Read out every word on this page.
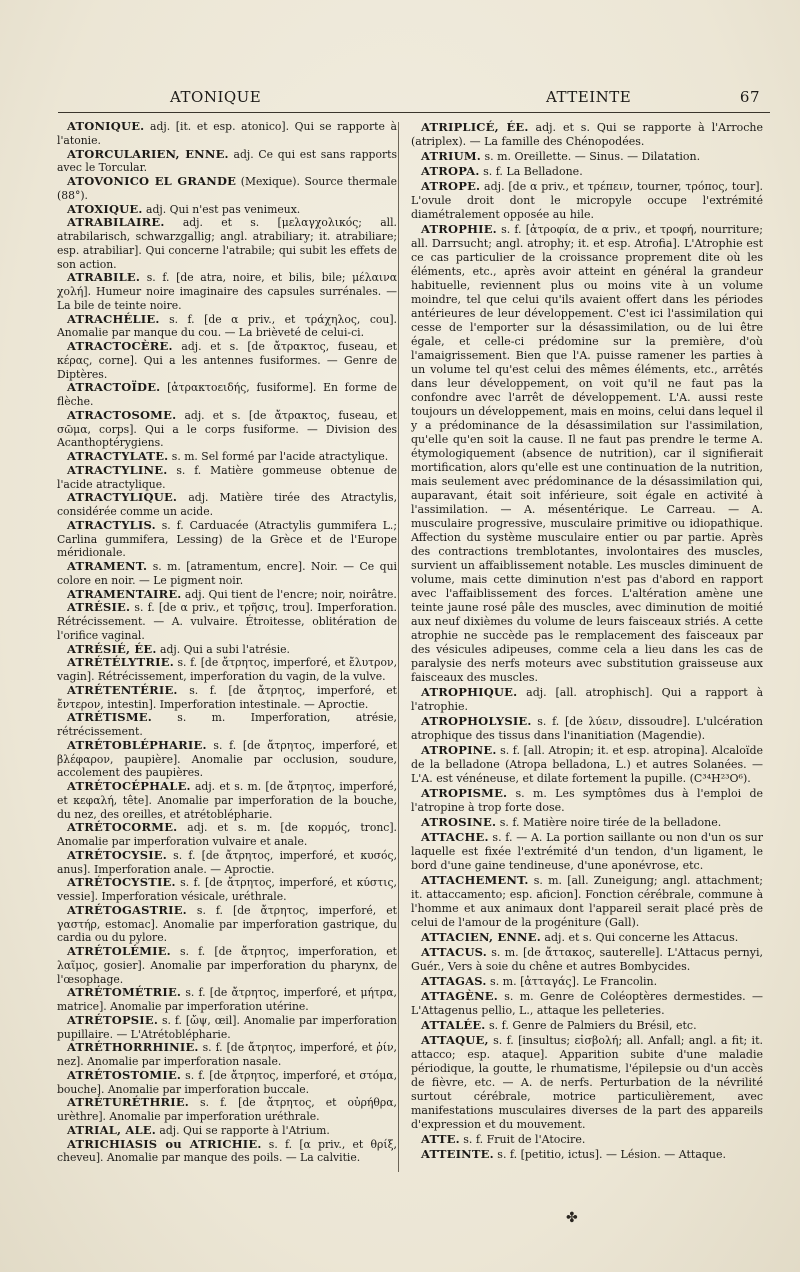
ATONIQUE	ATTEINTE	67

ATONIQUE. adj. [it. et esp. atonico]. Qui se rapporte à l'atonie.

ATORCULARIEN, ENNE. adj. Ce qui est sans rapports avec le Torcular.

ATOVONICO EL GRANDE (Mexique). Source thermale (88°).

ATOXIQUE. adj. Qui n'est pas venimeux.

ATRABILAIRE. adj. et s. [μελαγχολικός; all. atrabilarisch, schwarzgallig; angl. atrabiliary; it. atrabiliare; esp. atrabiliar]. Qui concerne l'atrabile; qui subit les effets de son action.

ATRABILE. s. f. [de atra, noire, et bilis, bile; μέλαινα χολή]. Humeur noire imaginaire des capsules surrénales. — La bile de teinte noire.

ATRACHÉLIE. s. f. [de α priv., et τράχηλος, cou]. Anomalie par manque du cou. — La brièveté de celui-ci.

ATRACTOCÈRE. adj. et s. [de ἄτρακτος, fuseau, et κέρας, corne]. Qui a les antennes fusiformes. — Genre de Diptères.

ATRACTOÏDE. [ἀτρακτοειδής, fusiforme]. En forme de flèche.

ATRACTOSOME. adj. et s. [de ἄτρακτος, fuseau, et σῶμα, corps]. Qui a le corps fusiforme. — Division des Acanthoptérygiens.

ATRACTYLATE. s. m. Sel formé par l'acide atractylique.

ATRACTYLINE. s. f. Matière gommeuse obtenue de l'acide atractylique.

ATRACTYLIQUE. adj. Matière tirée des Atractylis, considérée comme un acide.

ATRACTYLIS. s. f. Carduacée (Atractylis gummifera L.; Carlina gummifera, Lessing) de la Grèce et de l'Europe méridionale.

ATRAMENT. s. m. [atramentum, encre]. Noir. — Ce qui colore en noir. — Le pigment noir.

ATRAMENTAIRE. adj. Qui tient de l'encre; noir, noirâtre.

ATRÉSIE. s. f. [de α priv., et τρῆσις, trou]. Imperforation. Rétrécissement. — A. vulvaire. Étroitesse, oblitération de l'orifice vaginal.

ATRÉSIÉ, ÉE. adj. Qui a subi l'atrésie.

ATRÉTÉLYTRIE. s. f. [de ἄτρητος, imperforé, et ἔλυτρον, vagin]. Rétrécissement, imperforation du vagin, de la vulve.

ATRÉTENTÉRIE. s. f. [de ἄτρητος, imperforé, et ἔντερον, intestin]. Imperforation intestinale. — Aproctie.

ATRÉTISME. s. m. Imperforation, atrésie, rétrécissement.

ATRÉTOBLÉPHARIE. s. f. [de ἄτρητος, imperforé, et βλέφαρον, paupière]. Anomalie par occlusion, soudure, accolement des paupières.

ATRÉTOCÉPHALE. adj. et s. m. [de ἄτρητος, imperforé, et κεφαλή, tête]. Anomalie par imperforation de la bouche, du nez, des oreilles, et atrétoblépharie.

ATRÉTOCORME. adj. et s. m. [de κορμός, tronc]. Anomalie par imperforation vulvaire et anale.

ATRÉTOCYSIE. s. f. [de ἄτρητος, imperforé, et κυσός, anus]. Imperforation anale. — Aproctie.

ATRÉTOCYSTIE. s. f. [de ἄτρητος, imperforé, et κύστις, vessie]. Imperforation vésicale, uréthrale.

ATRÉTOGASTRIE. s. f. [de ἄτρητος, imperforé, et γαστήρ, estomac]. Anomalie par imperforation gastrique, du cardia ou du pylore.

ATRÉTOLÉMIE. s. f. [de ἄτρητος, imperforation, et λαῖμος, gosier]. Anomalie par imperforation du pharynx, de l'œsophage.

ATRÉTOMÉTRIE. s. f. [de ἄτρητος, imperforé, et μήτρα, matrice]. Anomalie par imperforation utérine.

ATRÉTOPSIE. s. f. [ὤψ, œil]. Anomalie par imperforation pupillaire. — L'Atrétoblépharie.

ATRÉTHORRHINIE. s. f. [de ἄτρητος, imperforé, et ῥίν, nez]. Anomalie par imperforation nasale.

ATRÉTOSTOMIE. s. f. [de ἄτρητος, imperforé, et στόμα, bouche]. Anomalie par imperforation buccale.

ATRÉTURÉTHRIE. s. f. [de ἄτρητος, et οὐρήθρα, urèthre]. Anomalie par imperforation uréthrale.

ATRIAL, ALE. adj. Qui se rapporte à l'Atrium.

ATRICHIASIS ou ATRICHIE. s. f. [α priv., et θρίξ, cheveu]. Anomalie par manque des poils. — La calvitie.

ATRIPLICÉ, ÉE. adj. et s. Qui se rapporte à l'Arroche (atriplex). — La famille des Chénopodées.

ATRIUM. s. m. Oreillette. — Sinus. — Dilatation.

ATROPA. s. f. La Belladone.

ATROPE. adj. [de α priv., et τρέπειν, tourner, τρόπος, tour]. L'ovule droit dont le micropyle occupe l'extrémité diamétralement opposée au hile.

ATROPHIE. s. f. [ἀτροφία, de α priv., et τροφή, nourriture; all. Darrsucht; angl. atrophy; it. et esp. Atrofia]. L'Atrophie est ce cas particulier de la croissance proprement dite où les éléments, etc., après avoir atteint en général la grandeur habituelle, reviennent plus ou moins vite à un volume moindre, tel que celui qu'ils avaient offert dans les périodes antérieures de leur développement. C'est ici l'assimilation qui cesse de l'emporter sur la désassimilation, ou de lui être égale, et celle-ci prédomine sur la première, d'où l'amaigrissement. Bien que l'A. puisse ramener les parties à un volume tel qu'est celui des mêmes éléments, etc., arrêtés dans leur développement, on voit qu'il ne faut pas la confondre avec l'arrêt de développement. L'A. aussi reste toujours un développement, mais en moins, celui dans lequel il y a prédominance de la désassimilation sur l'assimilation, qu'elle qu'en soit la cause. Il ne faut pas prendre le terme A. étymologiquement (absence de nutrition), car il signifierait mortification, alors qu'elle est une continuation de la nutrition, mais seulement avec prédominance de la désassimilation qui, auparavant, était soit inférieure, soit égale en activité à l'assimilation. — A. mésentérique. Le Carreau. — A. musculaire progressive, musculaire primitive ou idiopathique. Affection du système musculaire entier ou par partie. Après des contractions tremblotantes, involontaires des muscles, survient un affaiblissement notable. Les muscles diminuent de volume, mais cette diminution n'est pas d'abord en rapport avec l'affaiblissement des forces. L'altération amène une teinte jaune rosé pâle des muscles, avec diminution de moitié aux neuf dixièmes du volume de leurs faisceaux striés. A cette atrophie ne succède pas le remplacement des faisceaux par des vésicules adipeuses, comme cela a lieu dans les cas de paralysie des nerfs moteurs avec substitution graisseuse aux faisceaux des muscles.

ATROPHIQUE. adj. [all. atrophisch]. Qui a rapport à l'atrophie.

ATROPHOLYSIE. s. f. [de λύειν, dissoudre]. L'ulcération atrophique des tissus dans l'inanitiation (Magendie).

ATROPINE. s. f. [all. Atropin; it. et esp. atropina]. Alcaloïde de la belladone (Atropa belladona, L.) et autres Solanées. — L'A. est vénéneuse, et dilate fortement la pupille. (C³⁴H²³O⁶).

ATROPISME. s. m. Les symptômes dus à l'emploi de l'atropine à trop forte dose.

ATROSINE. s. f. Matière noire tirée de la belladone.

ATTACHE. s. f. — A. La portion saillante ou non d'un os sur laquelle est fixée l'extrémité d'un tendon, d'un ligament, le bord d'une gaine tendineuse, d'une aponévrose, etc.

ATTACHEMENT. s. m. [all. Zuneigung; angl. attachment; it. attaccamento; esp. aficion]. Fonction cérébrale, commune à l'homme et aux animaux dont l'appareil serait placé près de celui de l'amour de la progéniture (Gall).

ATTACIEN, ENNE. adj. et s. Qui concerne les Attacus.

ATTACUS. s. m. [de ἄττακος, sauterelle]. L'Attacus pernyi, Guér., Vers à soie du chêne et autres Bombycides.

ATTAGAS. s. m. [ἀτταγάς]. Le Francolin.

ATTAGÈNE. s. m. Genre de Coléoptères dermestides. — L'Attagenus pellio, L., attaque les pelleteries.

ATTALÉE. s. f. Genre de Palmiers du Brésil, etc.

ATTAQUE, s. f. [insultus; εἰσβολή; all. Anfall; angl. a fit; it. attacco; esp. ataque]. Apparition subite d'une maladie périodique, la goutte, le rhumatisme, l'épilepsie ou d'un accès de fièvre, etc. — A. de nerfs. Perturbation de la névrilité surtout cérébrale, motrice particulièrement, avec manifestations musculaires diverses de la part des appareils d'expression et du mouvement.

ATTE. s. f. Fruit de l'Atocire.

ATTEINTE. s. f. [petitio, ictus]. — Lésion. — Attaque.

✤
